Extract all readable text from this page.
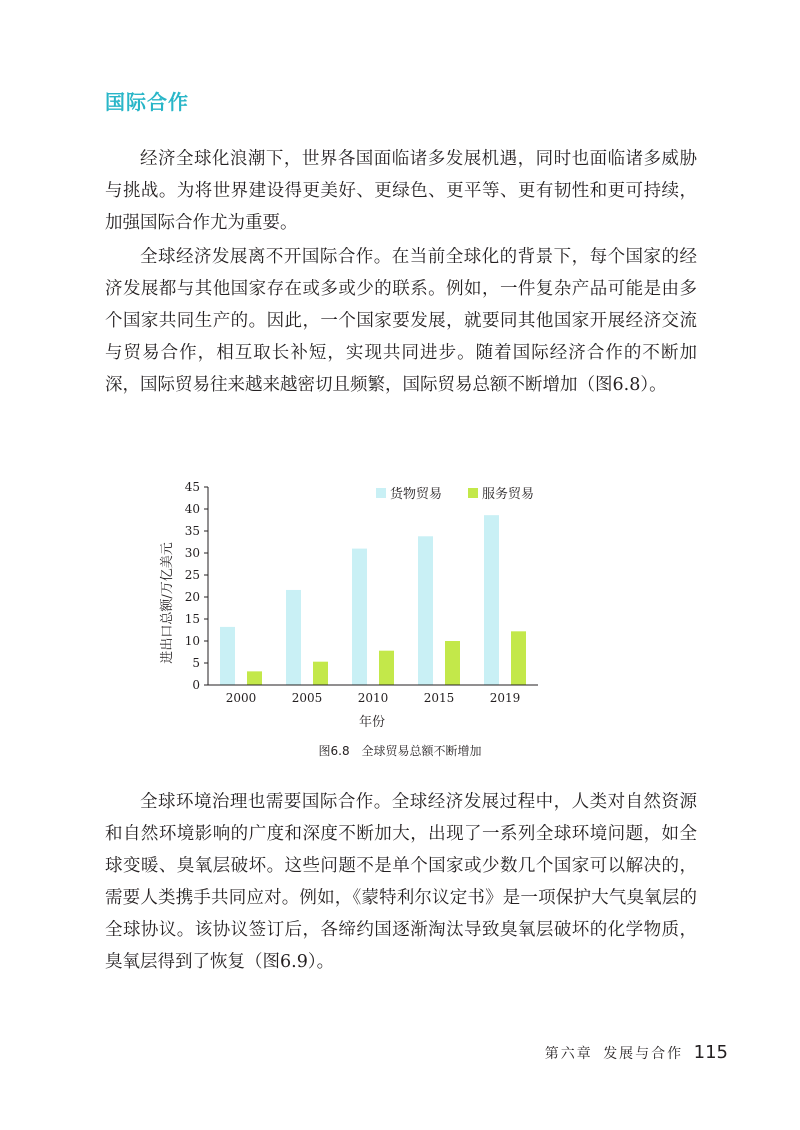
国际合作

经济全球化浪潮下，世界各国面临诸多发展机遇，同时也面临诸多威胁与挑战。为将世界建设得更美好、更绿色、更平等、更有韧性和更可持续，加强国际合作尤为重要。

全球经济发展离不开国际合作。在当前全球化的背景下，每个国家的经济发展都与其他国家存在或多或少的联系。例如，一件复杂产品可能是由多个国家共同生产的。因此，一个国家要发展，就要同其他国家开展经济交流与贸易合作，相互取长补短，实现共同进步。随着国际经济合作的不断加深，国际贸易往来越来越密切且频繁，国际贸易总额不断增加（图6.8）。

0
5
10
15
20
25
30
35
40
45
2000	2005	2010	2015	2019
货物贸易	服务贸易
进出口总额/万亿美元
年份
图6.8 全球贸易总额不断增加

全球环境治理也需要国际合作。全球经济发展过程中，人类对自然资源和自然环境影响的广度和深度不断加大，出现了一系列全球环境问题，如全球变暖、臭氧层破坏。这些问题不是单个国家或少数几个国家可以解决的，需要人类携手共同应对。例如，《蒙特利尔议定书》是一项保护大气臭氧层的全球协议。该协议签订后，各缔约国逐渐淘汰导致臭氧层破坏的化学物质，臭氧层得到了恢复（图6.9）。

第六章 发展与合作 115
